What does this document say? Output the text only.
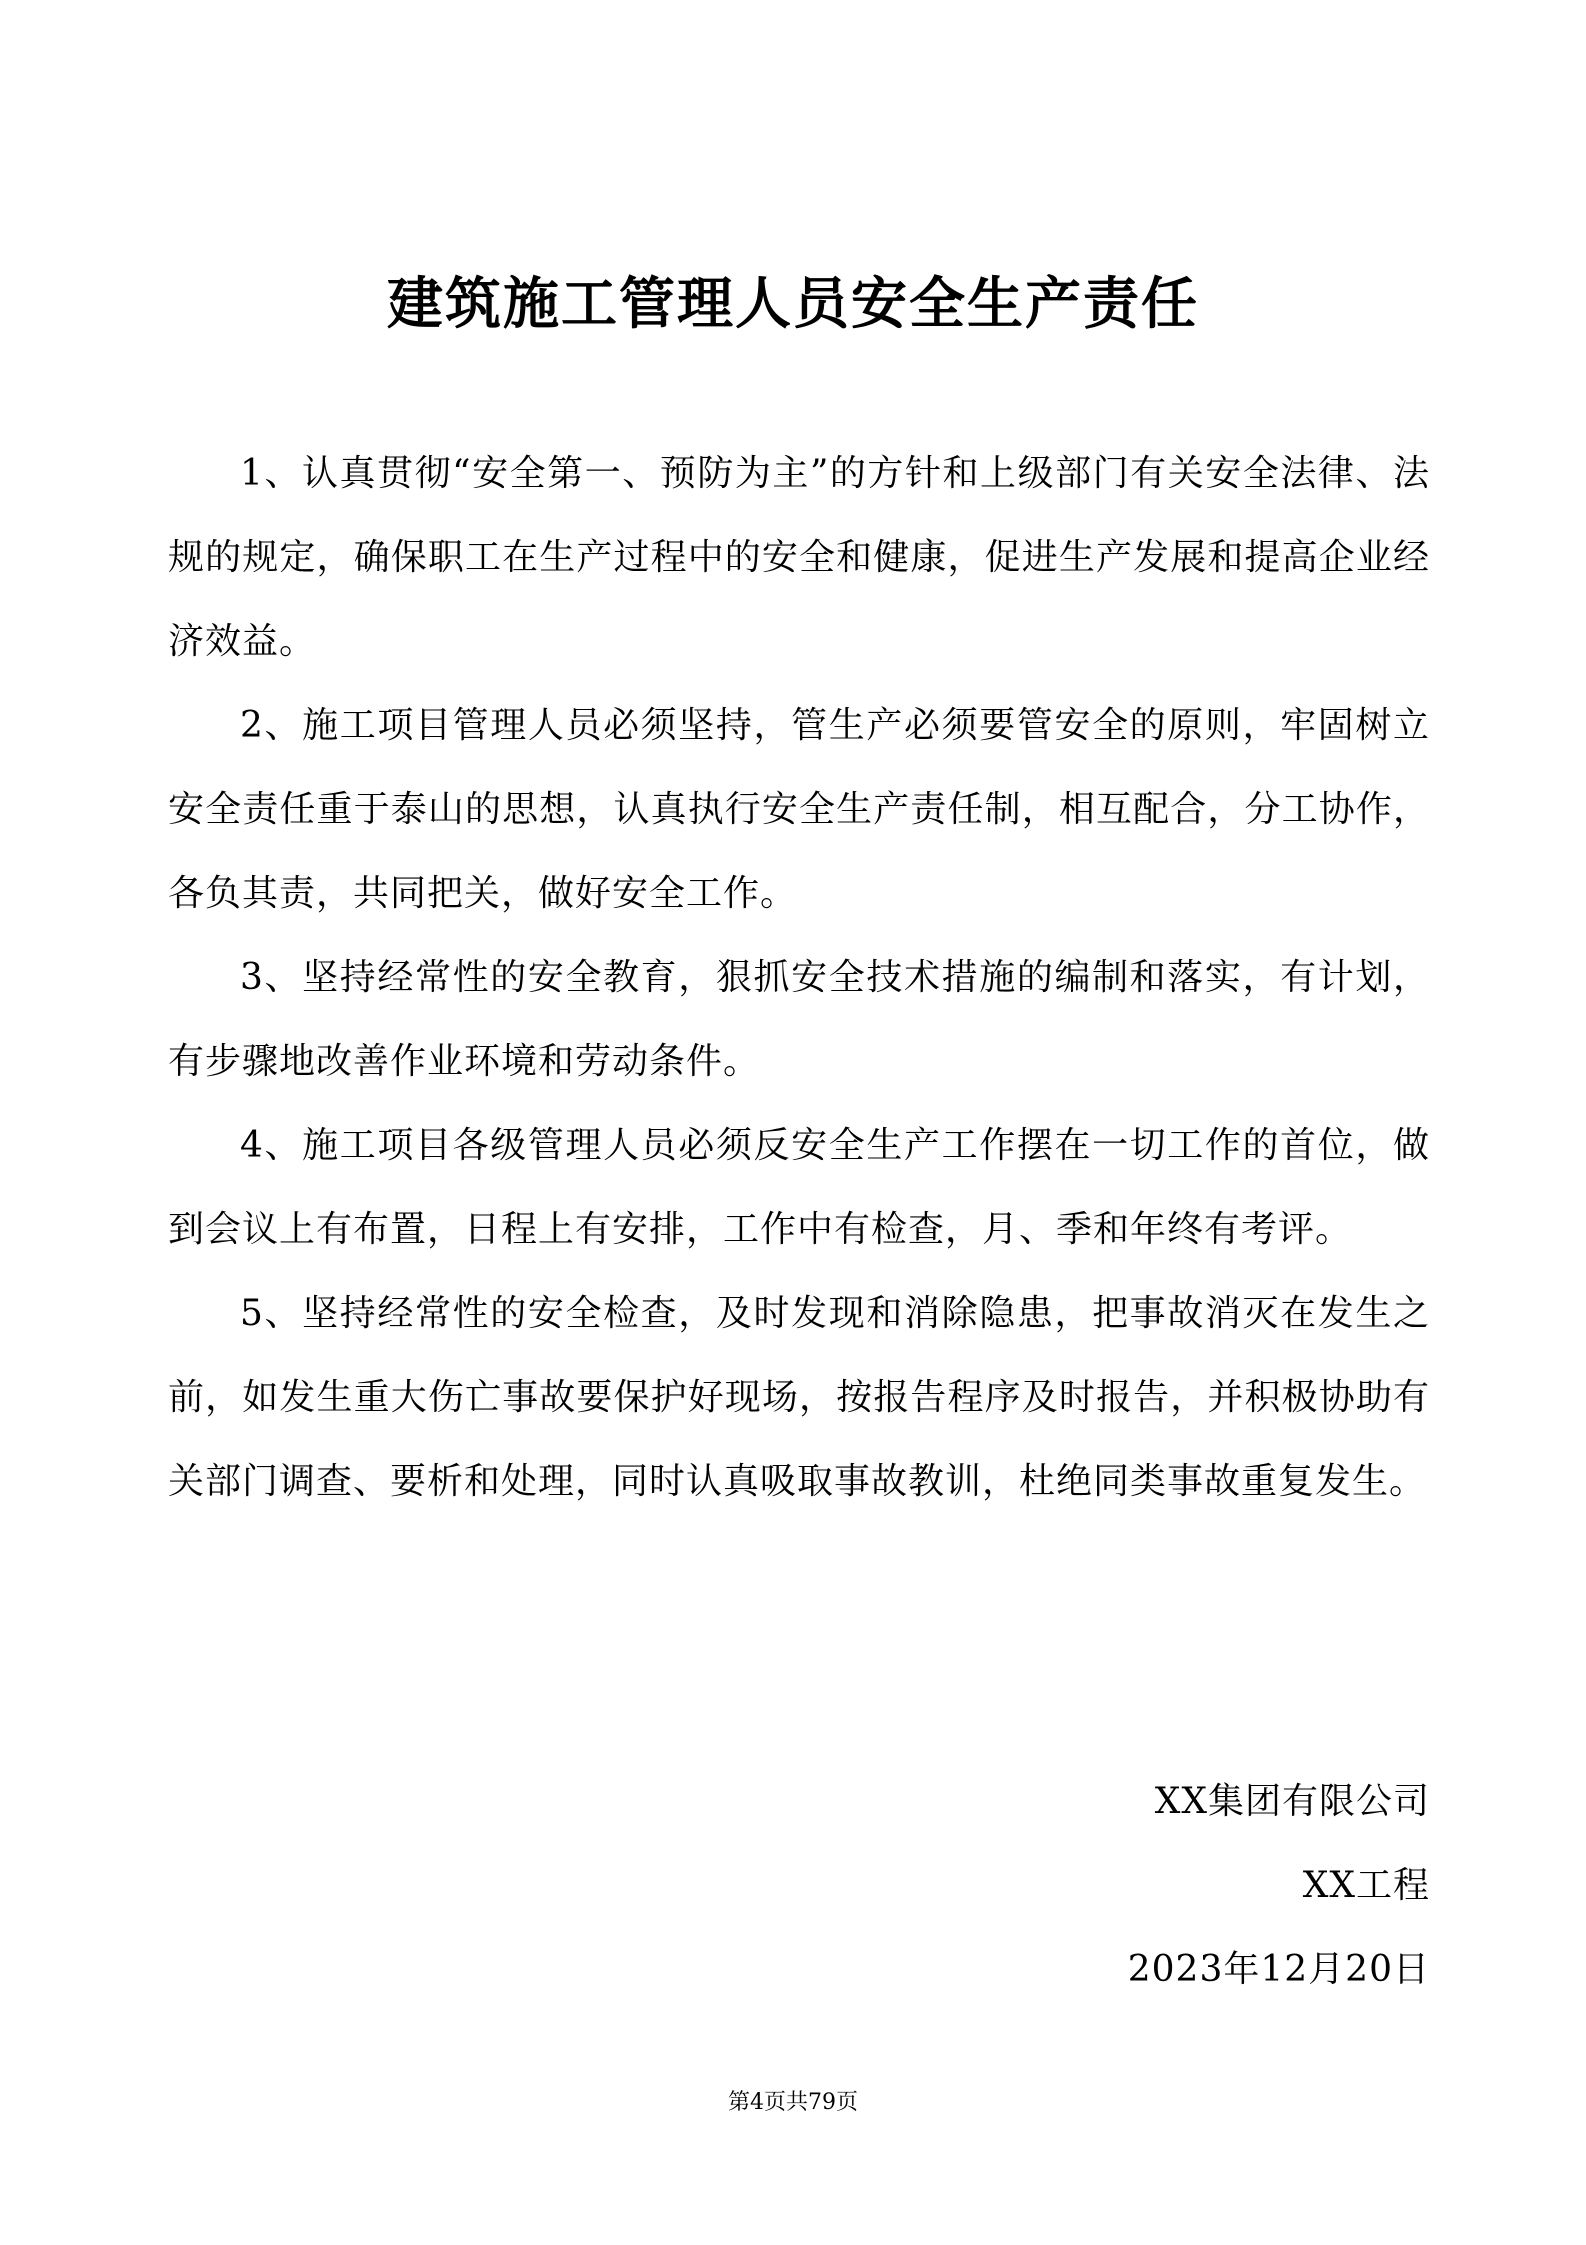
建筑施工管理人员安全生产责任

1、认真贯彻“安全第一、预防为主”的方针和上级部门有关安全法律、法规的规定，确保职工在生产过程中的安全和健康，促进生产发展和提高企业经济效益。

2、施工项目管理人员必须坚持，管生产必须要管安全的原则，牢固树立安全责任重于泰山的思想，认真执行安全生产责任制，相互配合，分工协作，各负其责，共同把关，做好安全工作。

3、坚持经常性的安全教育，狠抓安全技术措施的编制和落实，有计划，有步骤地改善作业环境和劳动条件。

4、施工项目各级管理人员必须反安全生产工作摆在一切工作的首位，做到会议上有布置，日程上有安排，工作中有检查，月、季和年终有考评。

5、坚持经常性的安全检查，及时发现和消除隐患，把事故消灭在发生之前，如发生重大伤亡事故要保护好现场，按报告程序及时报告，并积极协助有关部门调查、要析和处理，同时认真吸取事故教训，杜绝同类事故重复发生。

XX集团有限公司
XX工程
2023年12月20日
第4页共79页
